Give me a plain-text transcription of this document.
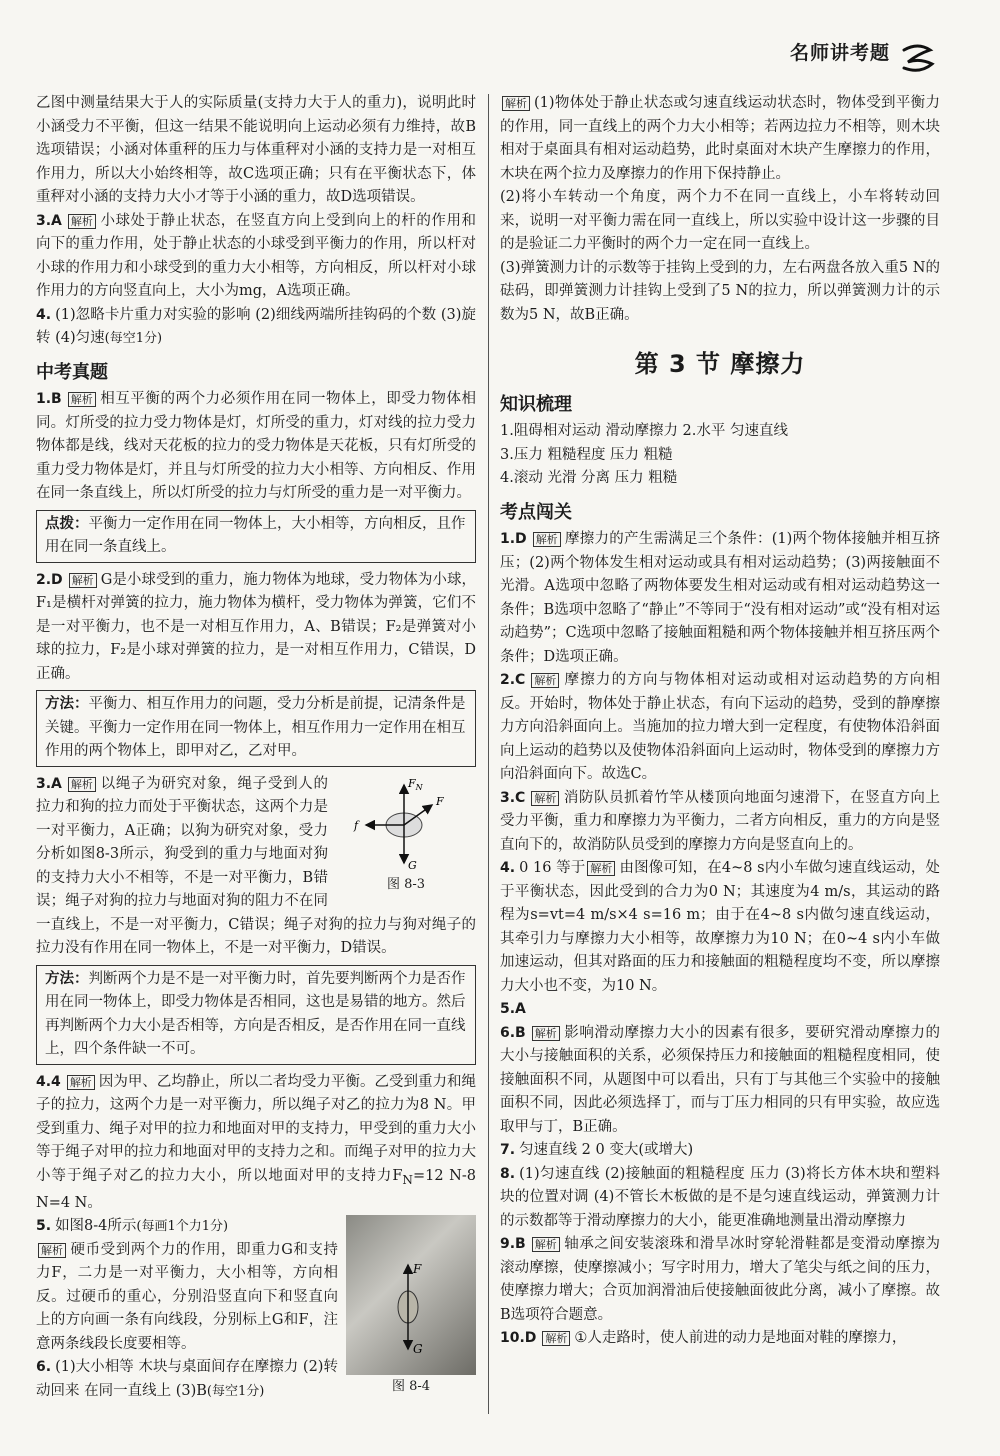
名师讲考题

乙图中测量结果大于人的实际质量(支持力大于人的重力)，说明此时小涵受力不平衡，但这一结果不能说明向上运动必须有力维持，故B选项错误；小涵对体重秤的压力与体重秤对小涵的支持力是一对相互作用力，所以大小始终相等，故C选项正确；只有在平衡状态下，体重秤对小涵的支持力大小才等于小涵的重力，故D选项错误。

3.A 解析 小球处于静止状态，在竖直方向上受到向上的杆的作用和向下的重力作用，处于静止状态的小球受到平衡力的作用，所以杆对小球的作用力和小球受到的重力大小相等，方向相反，所以杆对小球作用力的方向竖直向上，大小为mg，A选项正确。

4. (1)忽略卡片重力对实验的影响 (2)细线两端所挂钩码的个数 (3)旋转 (4)匀速(每空1分)

中考真题

1.B 解析 相互平衡的两个力必须作用在同一物体上，即受力物体相同。灯所受的拉力受力物体是灯，灯所受的重力，灯对线的拉力受力物体都是线，线对天花板的拉力的受力物体是天花板，只有灯所受的重力受力物体是灯，并且与灯所受的拉力大小相等、方向相反、作用在同一条直线上，所以灯所受的拉力与灯所受的重力是一对平衡力。

点拨：平衡力一定作用在同一物体上，大小相等，方向相反，且作用在同一条直线上。

2.D 解析 G是小球受到的重力，施力物体为地球，受力物体为小球，F₁是横杆对弹簧的拉力，施力物体为横杆，受力物体为弹簧，它们不是一对平衡力，也不是一对相互作用力，A、B错误；F₂是弹簧对小球的拉力，F₂是小球对弹簧的拉力，是一对相互作用力，C错误，D正确。

方法：平衡力、相互作用力的问题，受力分析是前提，记清条件是关键。平衡力一定作用在同一物体上，相互作用力一定作用在相互作用的两个物体上，即甲对乙，乙对甲。
$F_N$
F
f
G
图 8-3

3.A 解析 以绳子为研究对象，绳子受到人的拉力和狗的拉力而处于平衡状态，这两个力是一对平衡力，A正确；以狗为研究对象，受力分析如图8-3所示，狗受到的重力与地面对狗的支持力大小不相等，不是一对平衡力，B错误；绳子对狗的拉力与地面对狗的阻力不在同一直线上，不是一对平衡力，C错误；绳子对狗的拉力与狗对绳子的拉力没有作用在同一物体上，不是一对平衡力，D错误。

方法：判断两个力是不是一对平衡力时，首先要判断两个力是否作用在同一物体上，即受力物体是否相同，这也是易错的地方。然后再判断两个力大小是否相等，方向是否相反，是否作用在同一直线上，四个条件缺一不可。

4.4 解析 因为甲、乙均静止，所以二者均受力平衡。乙受到重力和绳子的拉力，这两个力是一对平衡力，所以绳子对乙的拉力为8 N。甲受到重力、绳子对甲的拉力和地面对甲的支持力，甲受到的重力大小等于绳子对甲的拉力和地面对甲的支持力之和。而绳子对甲的拉力大小等于绳子对乙的拉力大小，所以地面对甲的支持力$F_N=12$ N-8 N=4 N。

F
G
图 8-4

5. 如图8-4所示(每画1个力1分)
解析 硬币受到两个力的作用，即重力G和支持力F，二力是一对平衡力，大小相等，方向相反。过硬币的重心，分别沿竖直向下和竖直向上的方向画一条有向线段，分别标上G和F，注意两条线段长度要相等。

6. (1)大小相等 木块与桌面间存在摩擦力 (2)转动回来 在同一直线上 (3)B(每空1分)

解析 (1)物体处于静止状态或匀速直线运动状态时，物体受到平衡力的作用，同一直线上的两个力大小相等；若两边拉力不相等，则木块相对于桌面具有相对运动趋势，此时桌面对木块产生摩擦力的作用，木块在两个拉力及摩擦力的作用下保持静止。

(2)将小车转动一个角度，两个力不在同一直线上，小车将转动回来，说明一对平衡力需在同一直线上，所以实验中设计这一步骤的目的是验证二力平衡时的两个力一定在同一直线上。

(3)弹簧测力计的示数等于挂钩上受到的力，左右两盘各放入重5 N的砝码，即弹簧测力计挂钩上受到了5 N的拉力，所以弹簧测力计的示数为5 N，故B正确。

第 3 节 摩擦力
知识梳理

1.阻碍相对运动 滑动摩擦力 2.水平 匀速直线

3.压力 粗糙程度 压力 粗糙

4.滚动 光滑 分离 压力 粗糙

考点闯关

1.D 解析 摩擦力的产生需满足三个条件：(1)两个物体接触并相互挤压；(2)两个物体发生相对运动或具有相对运动趋势；(3)两接触面不光滑。A选项中忽略了两物体要发生相对运动或有相对运动趋势这一条件；B选项中忽略了“静止”不等同于“没有相对运动”或“没有相对运动趋势”；C选项中忽略了接触面粗糙和两个物体接触并相互挤压两个条件；D选项正确。

2.C 解析 摩擦力的方向与物体相对运动或相对运动趋势的方向相反。开始时，物体处于静止状态，有向下运动的趋势，受到的静摩擦力方向沿斜面向上。当施加的拉力增大到一定程度，有使物体沿斜面向上运动的趋势以及使物体沿斜面向上运动时，物体受到的摩擦力方向沿斜面向下。故选C。

3.C 解析 消防队员抓着竹竿从楼顶向地面匀速滑下，在竖直方向上受力平衡，重力和摩擦力为平衡力，二者方向相反，重力的方向是竖直向下的，故消防队员受到的摩擦力方向是竖直向上的。

4. 0 16 等于 解析 由图像可知，在4~8 s内小车做匀速直线运动，处于平衡状态，因此受到的合力为0 N；其速度为4 m/s，其运动的路程为s=vt=4 m/s×4 s=16 m；由于在4~8 s内做匀速直线运动，其牵引力与摩擦力大小相等，故摩擦力为10 N；在0~4 s内小车做加速运动，但其对路面的压力和接触面的粗糙程度均不变，所以摩擦力大小也不变，为10 N。

5.A

6.B 解析 影响滑动摩擦力大小的因素有很多，要研究滑动摩擦力的大小与接触面积的关系，必须保持压力和接触面的粗糙程度相同，使接触面积不同，从题图中可以看出，只有丁与其他三个实验中的接触面积不同，因此必须选择丁，而与丁压力相同的只有甲实验，故应选取甲与丁，B正确。

7. 匀速直线 2 0 变大(或增大)

8. (1)匀速直线 (2)接触面的粗糙程度 压力 (3)将长方体木块和塑料块的位置对调 (4)不管长木板做的是不是匀速直线运动，弹簧测力计的示数都等于滑动摩擦力的大小，能更准确地测量出滑动摩擦力

9.B 解析 轴承之间安装滚珠和滑旱冰时穿轮滑鞋都是变滑动摩擦为滚动摩擦，使摩擦减小；写字时用力，增大了笔尖与纸之间的压力，使摩擦力增大；合页加润滑油后使接触面彼此分离，减小了摩擦。故B选项符合题意。

10.D 解析 ①人走路时，使人前进的动力是地面对鞋的摩擦力，
